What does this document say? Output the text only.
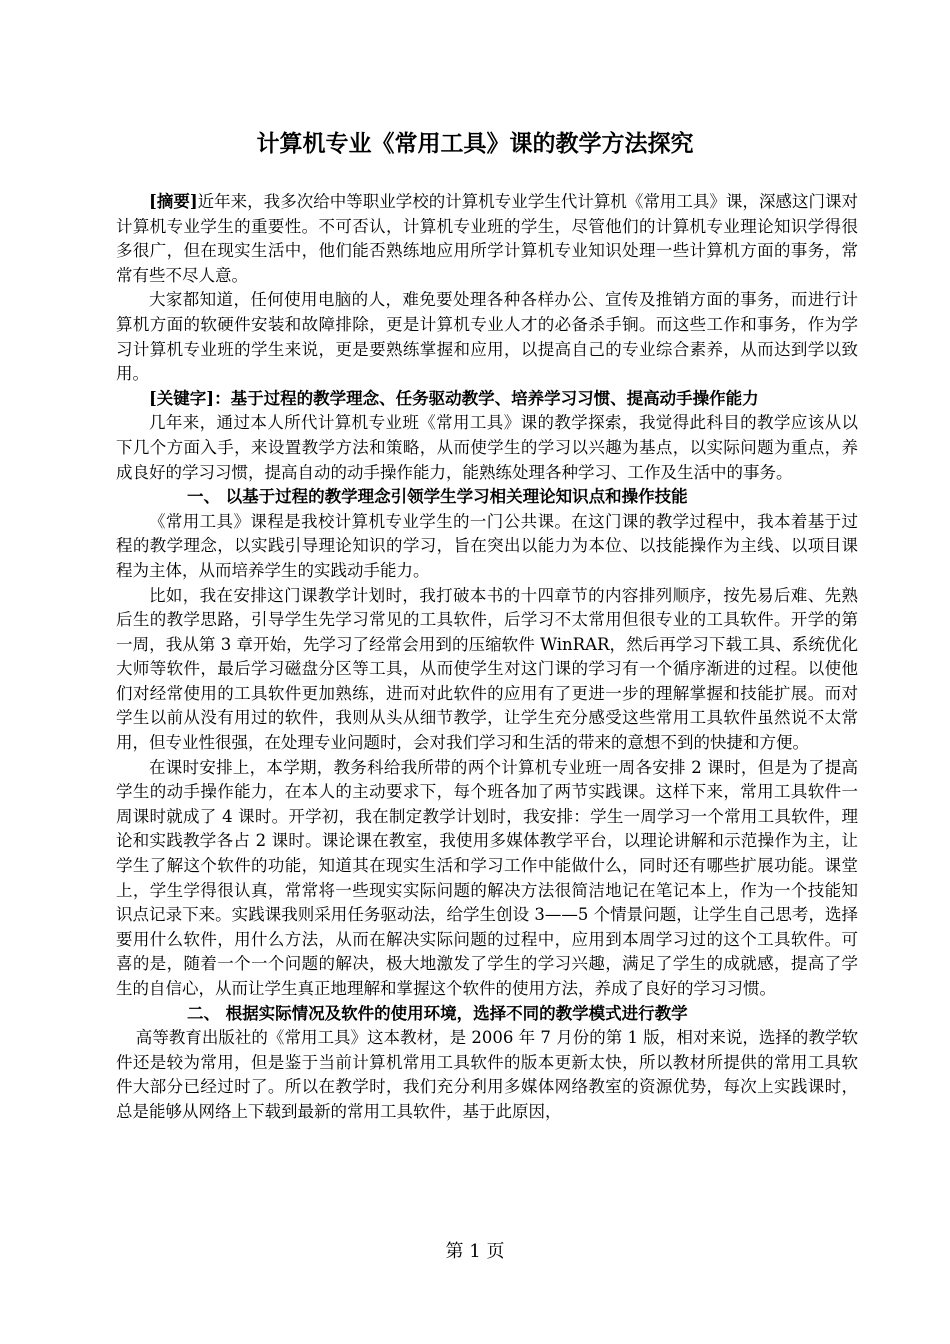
计算机专业《常用工具》课的教学方法探究

[摘要]近年来，我多次给中等职业学校的计算机专业学生代计算机《常用工具》课，深感这门课对计算机专业学生的重要性。不可否认，计算机专业班的学生，尽管他们的计算机专业理论知识学得很多很广，但在现实生活中，他们能否熟练地应用所学计算机专业知识处理一些计算机方面的事务，常常有些不尽人意。

大家都知道，任何使用电脑的人，难免要处理各种各样办公、宣传及推销方面的事务，而进行计算机方面的软硬件安装和故障排除，更是计算机专业人才的必备杀手锏。而这些工作和事务，作为学习计算机专业班的学生来说，更是要熟练掌握和应用，以提高自己的专业综合素养，从而达到学以致用。

[关键字]：基于过程的教学理念、任务驱动教学、培养学习习惯、提高动手操作能力

几年来，通过本人所代计算机专业班《常用工具》课的教学探索，我觉得此科目的教学应该从以下几个方面入手，来设置教学方法和策略，从而使学生的学习以兴趣为基点，以实际问题为重点，养成良好的学习习惯，提高自动的动手操作能力，能熟练处理各种学习、工作及生活中的事务。

一、 以基于过程的教学理念引领学生学习相关理论知识点和操作技能

《常用工具》课程是我校计算机专业学生的一门公共课。在这门课的教学过程中，我本着基于过程的教学理念，以实践引导理论知识的学习，旨在突出以能力为本位、以技能操作为主线、以项目课程为主体，从而培养学生的实践动手能力。

比如，我在安排这门课教学计划时，我打破本书的十四章节的内容排列顺序，按先易后难、先熟后生的教学思路，引导学生先学习常见的工具软件，后学习不太常用但很专业的工具软件。开学的第一周，我从第 3 章开始，先学习了经常会用到的压缩软件 WinRAR，然后再学习下载工具、系统优化大师等软件，最后学习磁盘分区等工具，从而使学生对这门课的学习有一个循序渐进的过程。以使他们对经常使用的工具软件更加熟练，进而对此软件的应用有了更进一步的理解掌握和技能扩展。而对学生以前从没有用过的软件，我则从头从细节教学，让学生充分感受这些常用工具软件虽然说不太常用，但专业性很强，在处理专业问题时，会对我们学习和生活的带来的意想不到的快捷和方便。

在课时安排上，本学期，教务科给我所带的两个计算机专业班一周各安排 2 课时，但是为了提高学生的动手操作能力，在本人的主动要求下，每个班各加了两节实践课。这样下来，常用工具软件一周课时就成了 4 课时。开学初，我在制定教学计划时，我安排：学生一周学习一个常用工具软件，理论和实践教学各占 2 课时。课论课在教室，我使用多媒体教学平台，以理论讲解和示范操作为主，让学生了解这个软件的功能，知道其在现实生活和学习工作中能做什么，同时还有哪些扩展功能。课堂上，学生学得很认真，常常将一些现实实际问题的解决方法很简洁地记在笔记本上，作为一个技能知识点记录下来。实践课我则采用任务驱动法，给学生创设 3——5 个情景问题，让学生自己思考，选择要用什么软件，用什么方法，从而在解决实际问题的过程中，应用到本周学习过的这个工具软件。可喜的是，随着一个一个问题的解决，极大地激发了学生的学习兴趣，满足了学生的成就感，提高了学生的自信心，从而让学生真正地理解和掌握这个软件的使用方法，养成了良好的学习习惯。

二、 根据实际情况及软件的使用环境，选择不同的教学模式进行教学

高等教育出版社的《常用工具》这本教材，是 2006 年 7 月份的第 1 版，相对来说，选择的教学软件还是较为常用，但是鉴于当前计算机常用工具软件的版本更新太快，所以教材所提供的常用工具软件大部分已经过时了。所以在教学时，我们充分利用多媒体网络教室的资源优势，每次上实践课时，总是能够从网络上下载到最新的常用工具软件，基于此原因，

第 1 页
